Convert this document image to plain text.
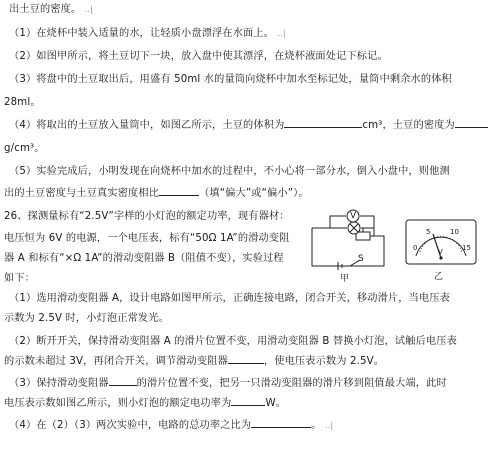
出土豆的密度。 ..|
（1）在烧杯中装入适量的水，让轻质小盘漂浮在水面上。 ..|
（2）如图甲所示，将土豆切下一块，放入盘中使其漂浮，在烧杯液面处记下标记。
（3）将盘中的土豆取出后，用盛有 50ml 水的量筒向烧杯中加水至标记处，量筒中剩余水的体积
28ml。
（4）将取出的土豆放入量筒中，如图乙所示，土豆的体积为	cm³，土豆的密度为
g/cm³。
（5）实验完成后，小明发现在向烧杯中加水的过程中，不小心将一部分水，倒入小盘中，则他测
出的土豆密度与土豆真实密度相比	（填“偏大”或“偏小”）。
26、探测量标有“2.5V”字样的小灯泡的额定功率，现有器材：
电压恒为 6V 的电源，一个电压表，标有“50Ω 1A”的滑动变阻
器 A 和标有“×Ω 1A”的滑动变阻器 B（阻值不变），实验过程
如下：
（1）选用滑动变阻器 A，设计电路如图甲所示，正确连接电路，闭合开关，移动滑片，当电压表
示数为 2.5V 时，小灯泡正常发光。
（2）断开开关，保持滑动变阻器 A 的滑片位置不变，用滑动变阻器 B 替换小灯泡，试触后电压表
的示数未超过 3V，再闭合开关，调节滑动变阻器	，使电压表示数为 2.5V。
（3）保持滑动变阻器	的滑片位置不变，把另一只滑动变阻器的滑片移到阻值最大端，此时
电压表示数如图乙所示，则小灯泡的额定电功率为	W。
（4）在（2）（3）两次实验中，电路的总功率之比为	。 ..|
V
S
甲
0
5	10
15
V
乙
